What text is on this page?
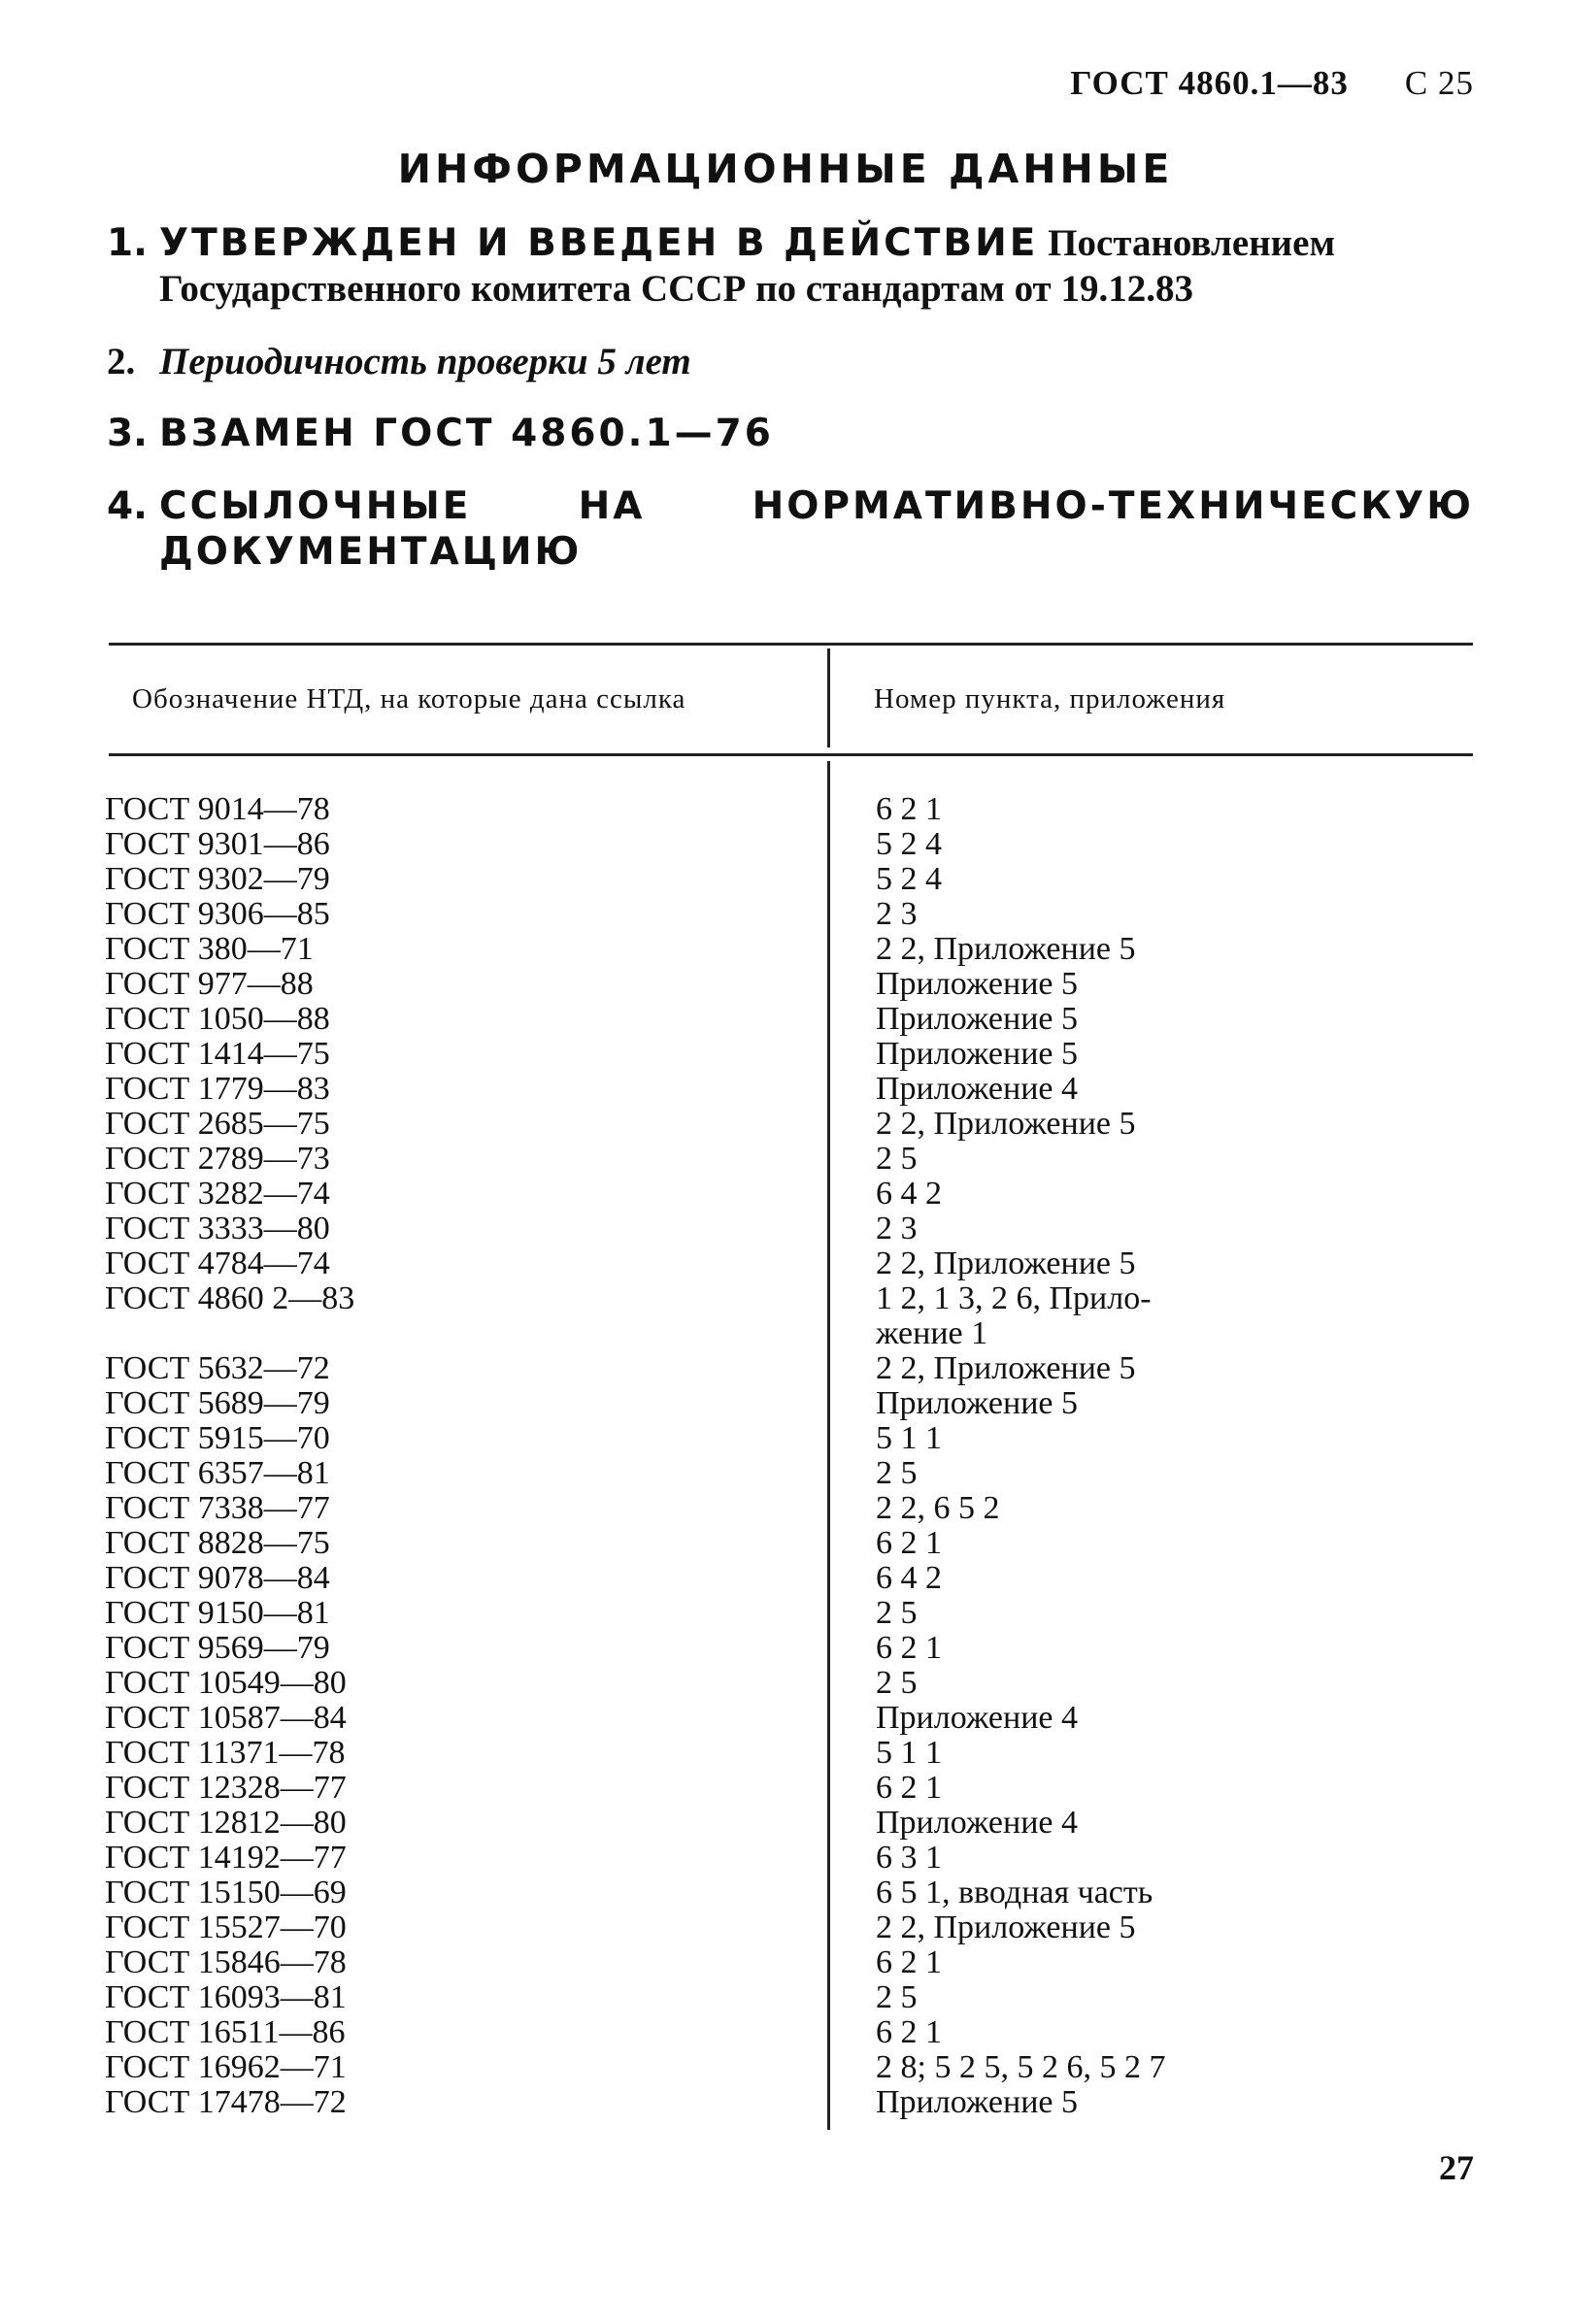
ГОСТ 4860.1—83 С 25
ИНФОРМАЦИОННЫЕ ДАННЫЕ
1. УТВЕРЖДЕН И ВВЕДЕН В ДЕЙСТВИЕ Постановлением Государственного комитета СССР по стандартам от 19.12.83
2. Периодичность проверки 5 лет
3. ВЗАМЕН ГОСТ 4860.1—76
4. ССЫЛОЧНЫЕ НА НОРМАТИВНО-ТЕХНИЧЕСКУЮ ДОКУМЕНТАЦИЮ
Обозначение НТД, на которые дана ссылка	Номер пункта, приложения
ГОСТ 9014—78	6 2 1
ГОСТ 9301—86	5 2 4
ГОСТ 9302—79	5 2 4
ГОСТ 9306—85	2 3
ГОСТ 380—71	2 2, Приложение 5
ГОСТ 977—88	Приложение 5
ГОСТ 1050—88	Приложение 5
ГОСТ 1414—75	Приложение 5
ГОСТ 1779—83	Приложение 4
ГОСТ 2685—75	2 2, Приложение 5
ГОСТ 2789—73	2 5
ГОСТ 3282—74	6 4 2
ГОСТ 3333—80	2 3
ГОСТ 4784—74	2 2, Приложение 5
ГОСТ 4860 2—83	1 2, 1 3, 2 6, Прило-
жение 1
ГОСТ 5632—72	2 2, Приложение 5
ГОСТ 5689—79	Приложение 5
ГОСТ 5915—70	5 1 1
ГОСТ 6357—81	2 5
ГОСТ 7338—77	2 2, 6 5 2
ГОСТ 8828—75	6 2 1
ГОСТ 9078—84	6 4 2
ГОСТ 9150—81	2 5
ГОСТ 9569—79	6 2 1
ГОСТ 10549—80	2 5
ГОСТ 10587—84	Приложение 4
ГОСТ 11371—78	5 1 1
ГОСТ 12328—77	6 2 1
ГОСТ 12812—80	Приложение 4
ГОСТ 14192—77	6 3 1
ГОСТ 15150—69	6 5 1, вводная часть
ГОСТ 15527—70	2 2, Приложение 5
ГОСТ 15846—78	6 2 1
ГОСТ 16093—81	2 5
ГОСТ 16511—86	6 2 1
ГОСТ 16962—71	2 8; 5 2 5, 5 2 6, 5 2 7
ГОСТ 17478—72	Приложение 5
27
